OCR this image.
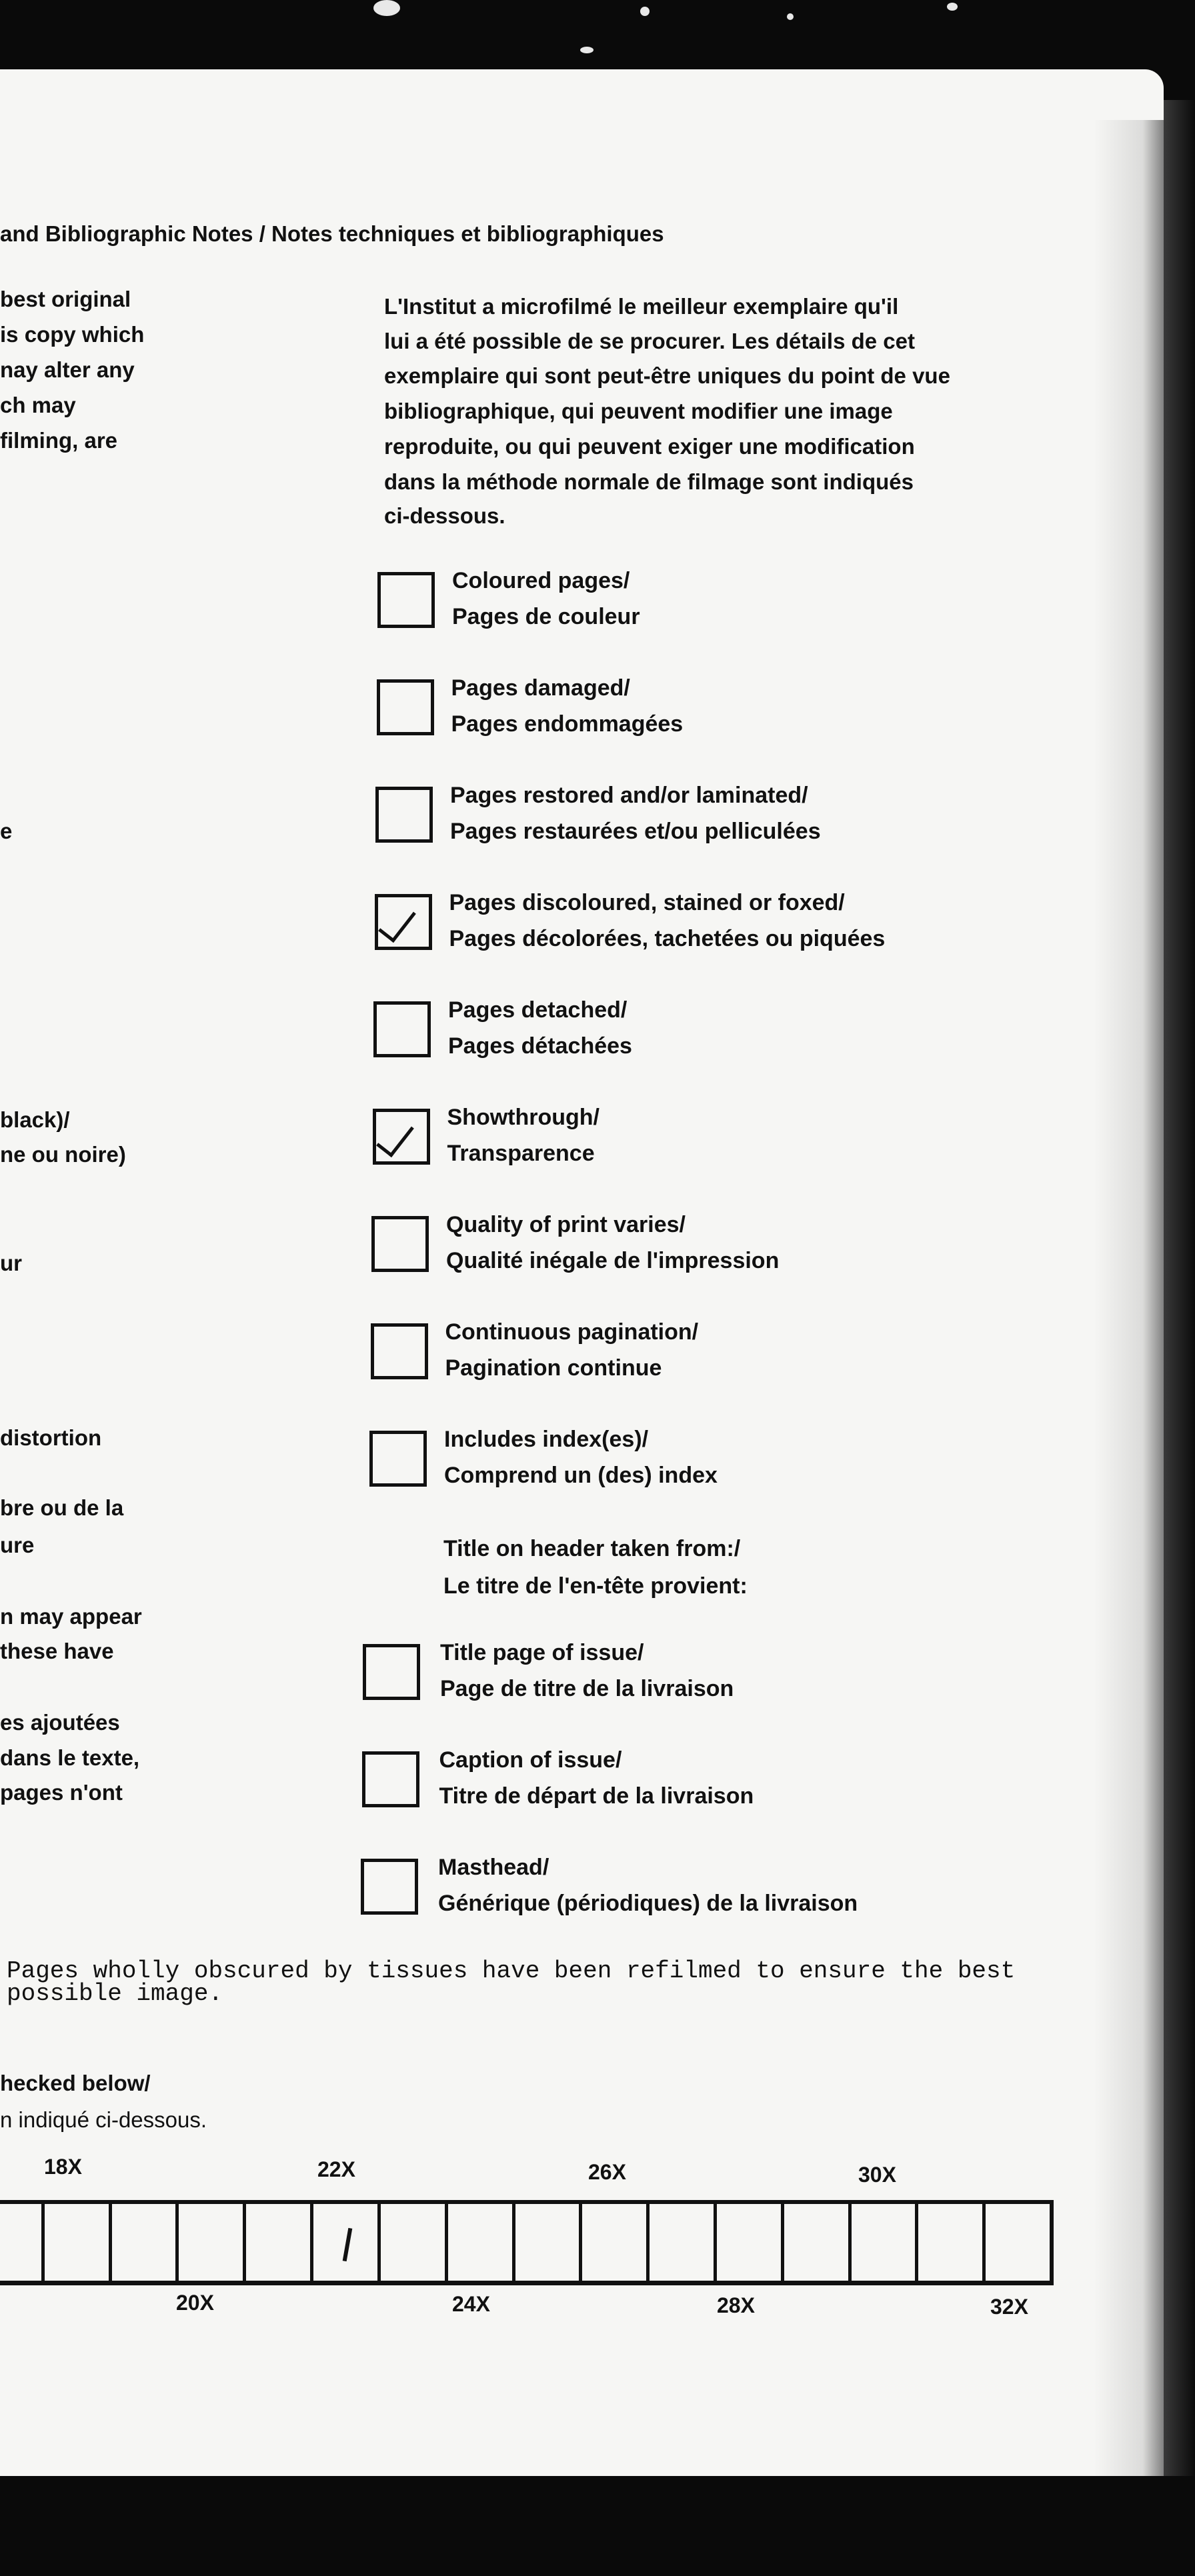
and Bibliographic Notes / Notes techniques et bibliographiques
best original
is copy which
nay alter any
ch may
filming, are
e
black)/
ne ou noire)
ur
distortion
bre ou de la
ure
n may appear
these have
es ajoutées
dans le texte,
pages n'ont
L'Institut a microfilmé le meilleur exemplaire qu'il
lui a été possible de se procurer. Les détails de cet
exemplaire qui sont peut-être uniques du point de vue
bibliographique, qui peuvent modifier une image
reproduite, ou qui peuvent exiger une modification
dans la méthode normale de filmage sont indiqués
ci-dessous.
Coloured pages/
Pages de couleur
Pages damaged/
Pages endommagées
Pages restored and/or laminated/
Pages restaurées et/ou pelliculées
Pages discoloured, stained or foxed/
Pages décolorées, tachetées ou piquées
Pages detached/
Pages détachées
Showthrough/
Transparence
Quality of print varies/
Qualité inégale de l'impression
Continuous pagination/
Pagination continue
Includes index(es)/
Comprend un (des) index
Title on header taken from:/
Le titre de l'en-tête provient:
Title page of issue/
Page de titre de la livraison
Caption of issue/
Titre de départ de la livraison
Masthead/
Générique (périodiques) de la livraison
Pages wholly obscured by tissues have been refilmed to ensure the best
possible image.
hecked below/
n indiqué ci-dessous.
18X	22X	26X	30X
20X	24X	28X	32X
